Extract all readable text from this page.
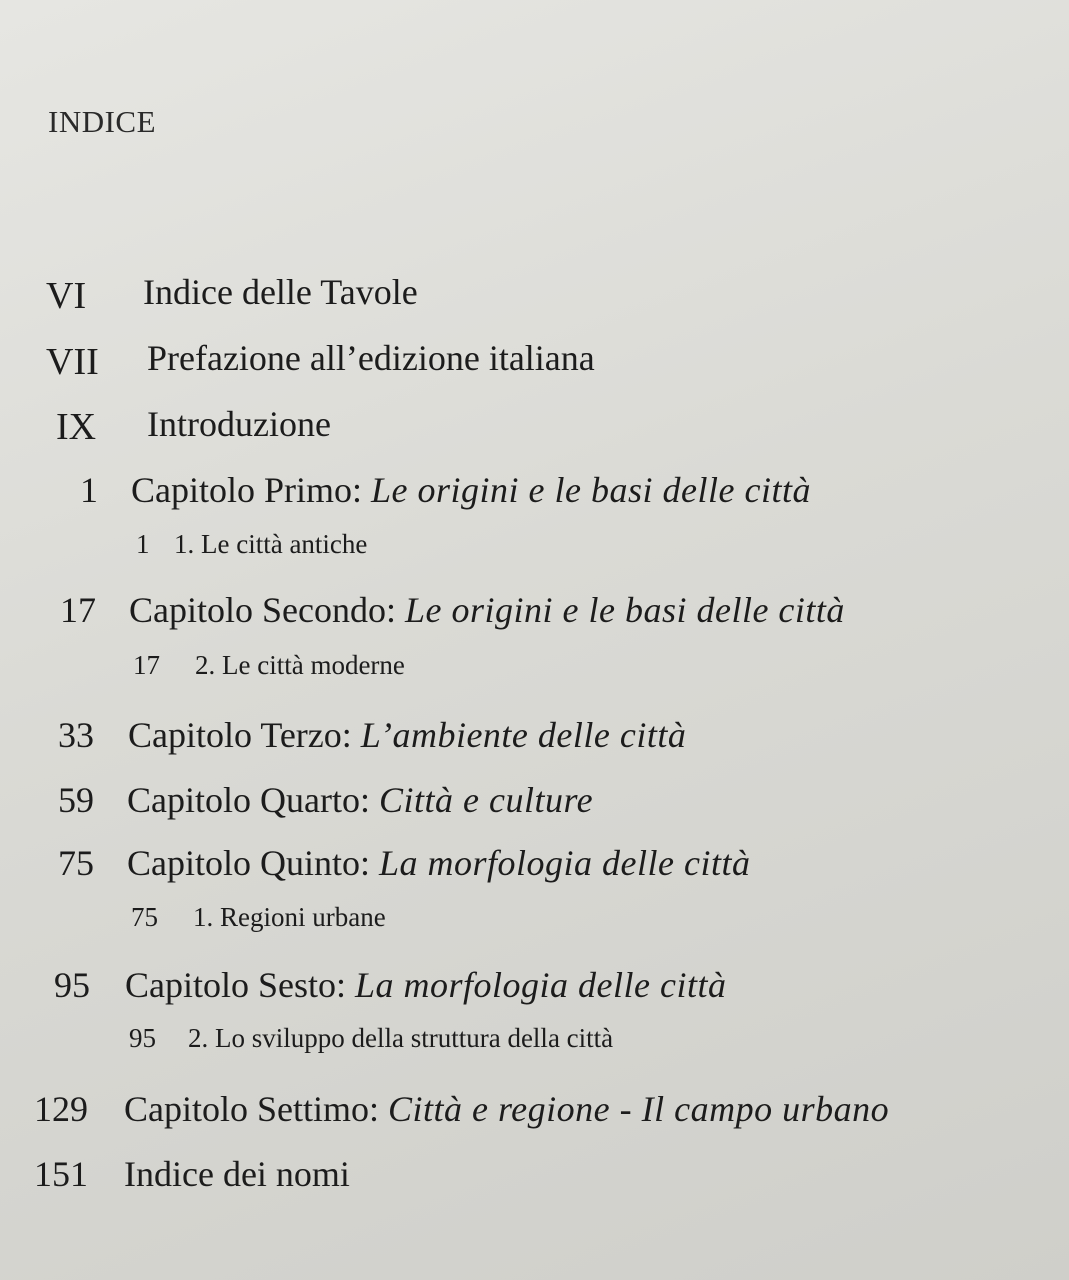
INDICE
VI Indice delle Tavole
VII Prefazione all’edizione italiana
IX Introduzione
1 Capitolo Primo: Le origini e le basi delle città
1 1. Le città antiche
17 Capitolo Secondo: Le origini e le basi delle città
17 2. Le città moderne
33 Capitolo Terzo: L’ambiente delle città
59 Capitolo Quarto: Città e culture
75 Capitolo Quinto: La morfologia delle città
75 1. Regioni urbane
95 Capitolo Sesto: La morfologia delle città
95 2. Lo sviluppo della struttura della città
129 Capitolo Settimo: Città e regione - Il campo urbano
151 Indice dei nomi
